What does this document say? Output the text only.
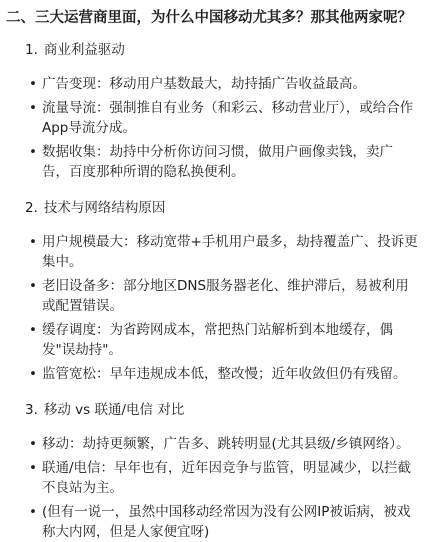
二、三大运营商里面，为什么中国移动尤其多？那其他两家呢？
1. 商业利益驱动
• 广告变现：移动用户基数最大，劫持插广告收益最高。
• 流量导流：强制推自有业务（和彩云、移动营业厅），或给合作App导流分成。
• 数据收集：劫持中分析你访问习惯，做用户画像卖钱，卖广告，百度那种所谓的隐私换便利。
2. 技术与网络结构原因
• 用户规模最大：移动宽带+手机用户最多，劫持覆盖广、投诉更集中。
• 老旧设备多：部分地区DNS服务器老化、维护滞后，易被利用或配置错误。
• 缓存调度：为省跨网成本，常把热门站解析到本地缓存，偶发"误劫持"。
• 监管宽松：早年违规成本低，整改慢；近年收敛但仍有残留。
3. 移动 vs 联通/电信 对比
• 移动：劫持更频繁，广告多、跳转明显(尤其县级/乡镇网络）。
• 联通/电信：早年也有，近年因竞争与监管，明显减少，以拦截不良站为主。
• (但有一说一，虽然中国移动经常因为没有公网IP被诟病，被戏称大内网，但是人家便宜呀)
